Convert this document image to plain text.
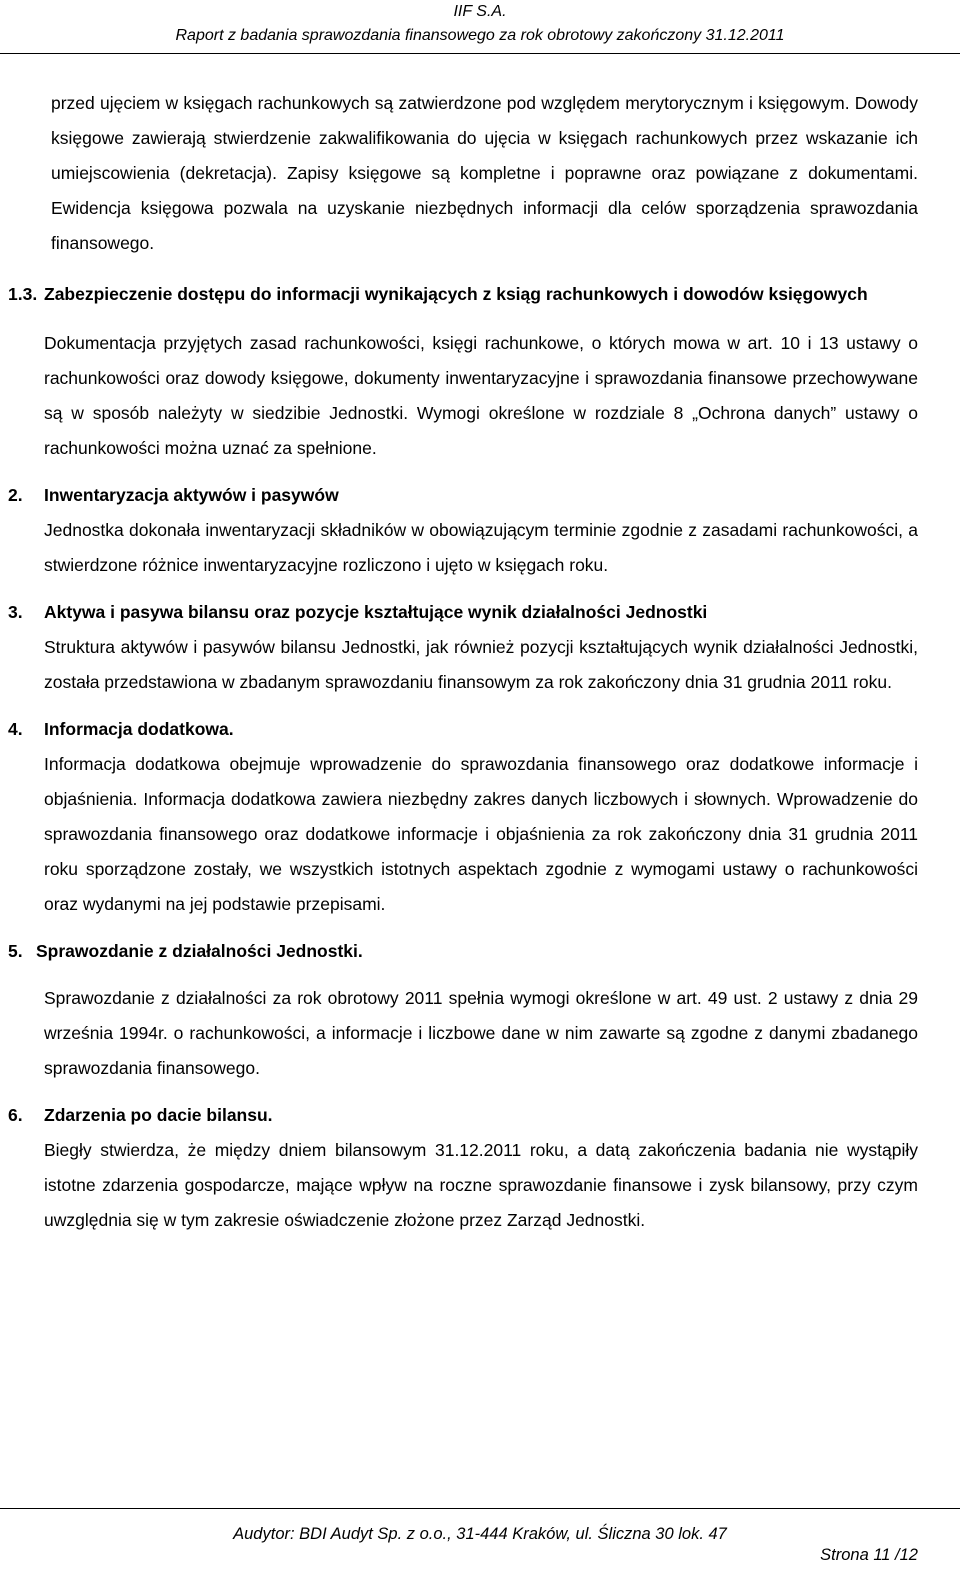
IIF S.A.
Raport z badania sprawozdania finansowego za rok obrotowy zakończony 31.12.2011

przed ujęciem w księgach rachunkowych są zatwierdzone pod względem merytorycznym i księgowym. Dowody księgowe zawierają stwierdzenie zakwalifikowania do ujęcia w księgach rachunkowych przez wskazanie ich umiejscowienia (dekretacja). Zapisy księgowe są kompletne i poprawne oraz powiązane z dokumentami. Ewidencja księgowa pozwala na uzyskanie niezbędnych informacji dla celów sporządzenia sprawozdania finansowego.

1.3. Zabezpieczenie dostępu do informacji wynikających z ksiąg rachunkowych i dowodów księgowych

Dokumentacja przyjętych zasad rachunkowości, księgi rachunkowe, o których mowa w art. 10 i 13 ustawy o rachunkowości oraz dowody księgowe, dokumenty inwentaryzacyjne i sprawozdania finansowe przechowywane są w sposób należyty w siedzibie Jednostki. Wymogi określone w rozdziale 8 „Ochrona danych” ustawy o rachunkowości można uznać za spełnione.

2. Inwentaryzacja aktywów i pasywów

Jednostka dokonała inwentaryzacji składników w obowiązującym terminie zgodnie z zasadami rachunkowości, a stwierdzone różnice inwentaryzacyjne rozliczono i ujęto w księgach roku.

3. Aktywa i pasywa bilansu oraz pozycje kształtujące wynik działalności Jednostki

Struktura aktywów i pasywów bilansu Jednostki, jak również pozycji kształtujących wynik działalności Jednostki, została przedstawiona w zbadanym sprawozdaniu finansowym za rok zakończony dnia 31 grudnia 2011 roku.

4. Informacja dodatkowa.

Informacja dodatkowa obejmuje wprowadzenie do sprawozdania finansowego oraz dodatkowe informacje i objaśnienia. Informacja dodatkowa zawiera niezbędny zakres danych liczbowych i słownych. Wprowadzenie do sprawozdania finansowego oraz dodatkowe informacje i objaśnienia za rok zakończony dnia 31 grudnia 2011 roku sporządzone zostały, we wszystkich istotnych aspektach zgodnie z wymogami ustawy o rachunkowości oraz wydanymi na jej podstawie przepisami.

5. Sprawozdanie z działalności Jednostki.

Sprawozdanie z działalności za rok obrotowy 2011 spełnia wymogi określone w art. 49 ust. 2 ustawy z dnia 29 września 1994r. o rachunkowości, a informacje i liczbowe dane w nim zawarte są zgodne z danymi zbadanego sprawozdania finansowego.

6. Zdarzenia po dacie bilansu.

Biegły stwierdza, że między dniem bilansowym 31.12.2011 roku, a datą zakończenia badania nie wystąpiły istotne zdarzenia gospodarcze, mające wpływ na roczne sprawozdanie finansowe i zysk bilansowy, przy czym uwzględnia się w tym zakresie oświadczenie złożone przez Zarząd Jednostki.

Audytor: BDI Audyt Sp. z o.o., 31-444 Kraków, ul. Śliczna 30 lok. 47
Strona 11 /12
